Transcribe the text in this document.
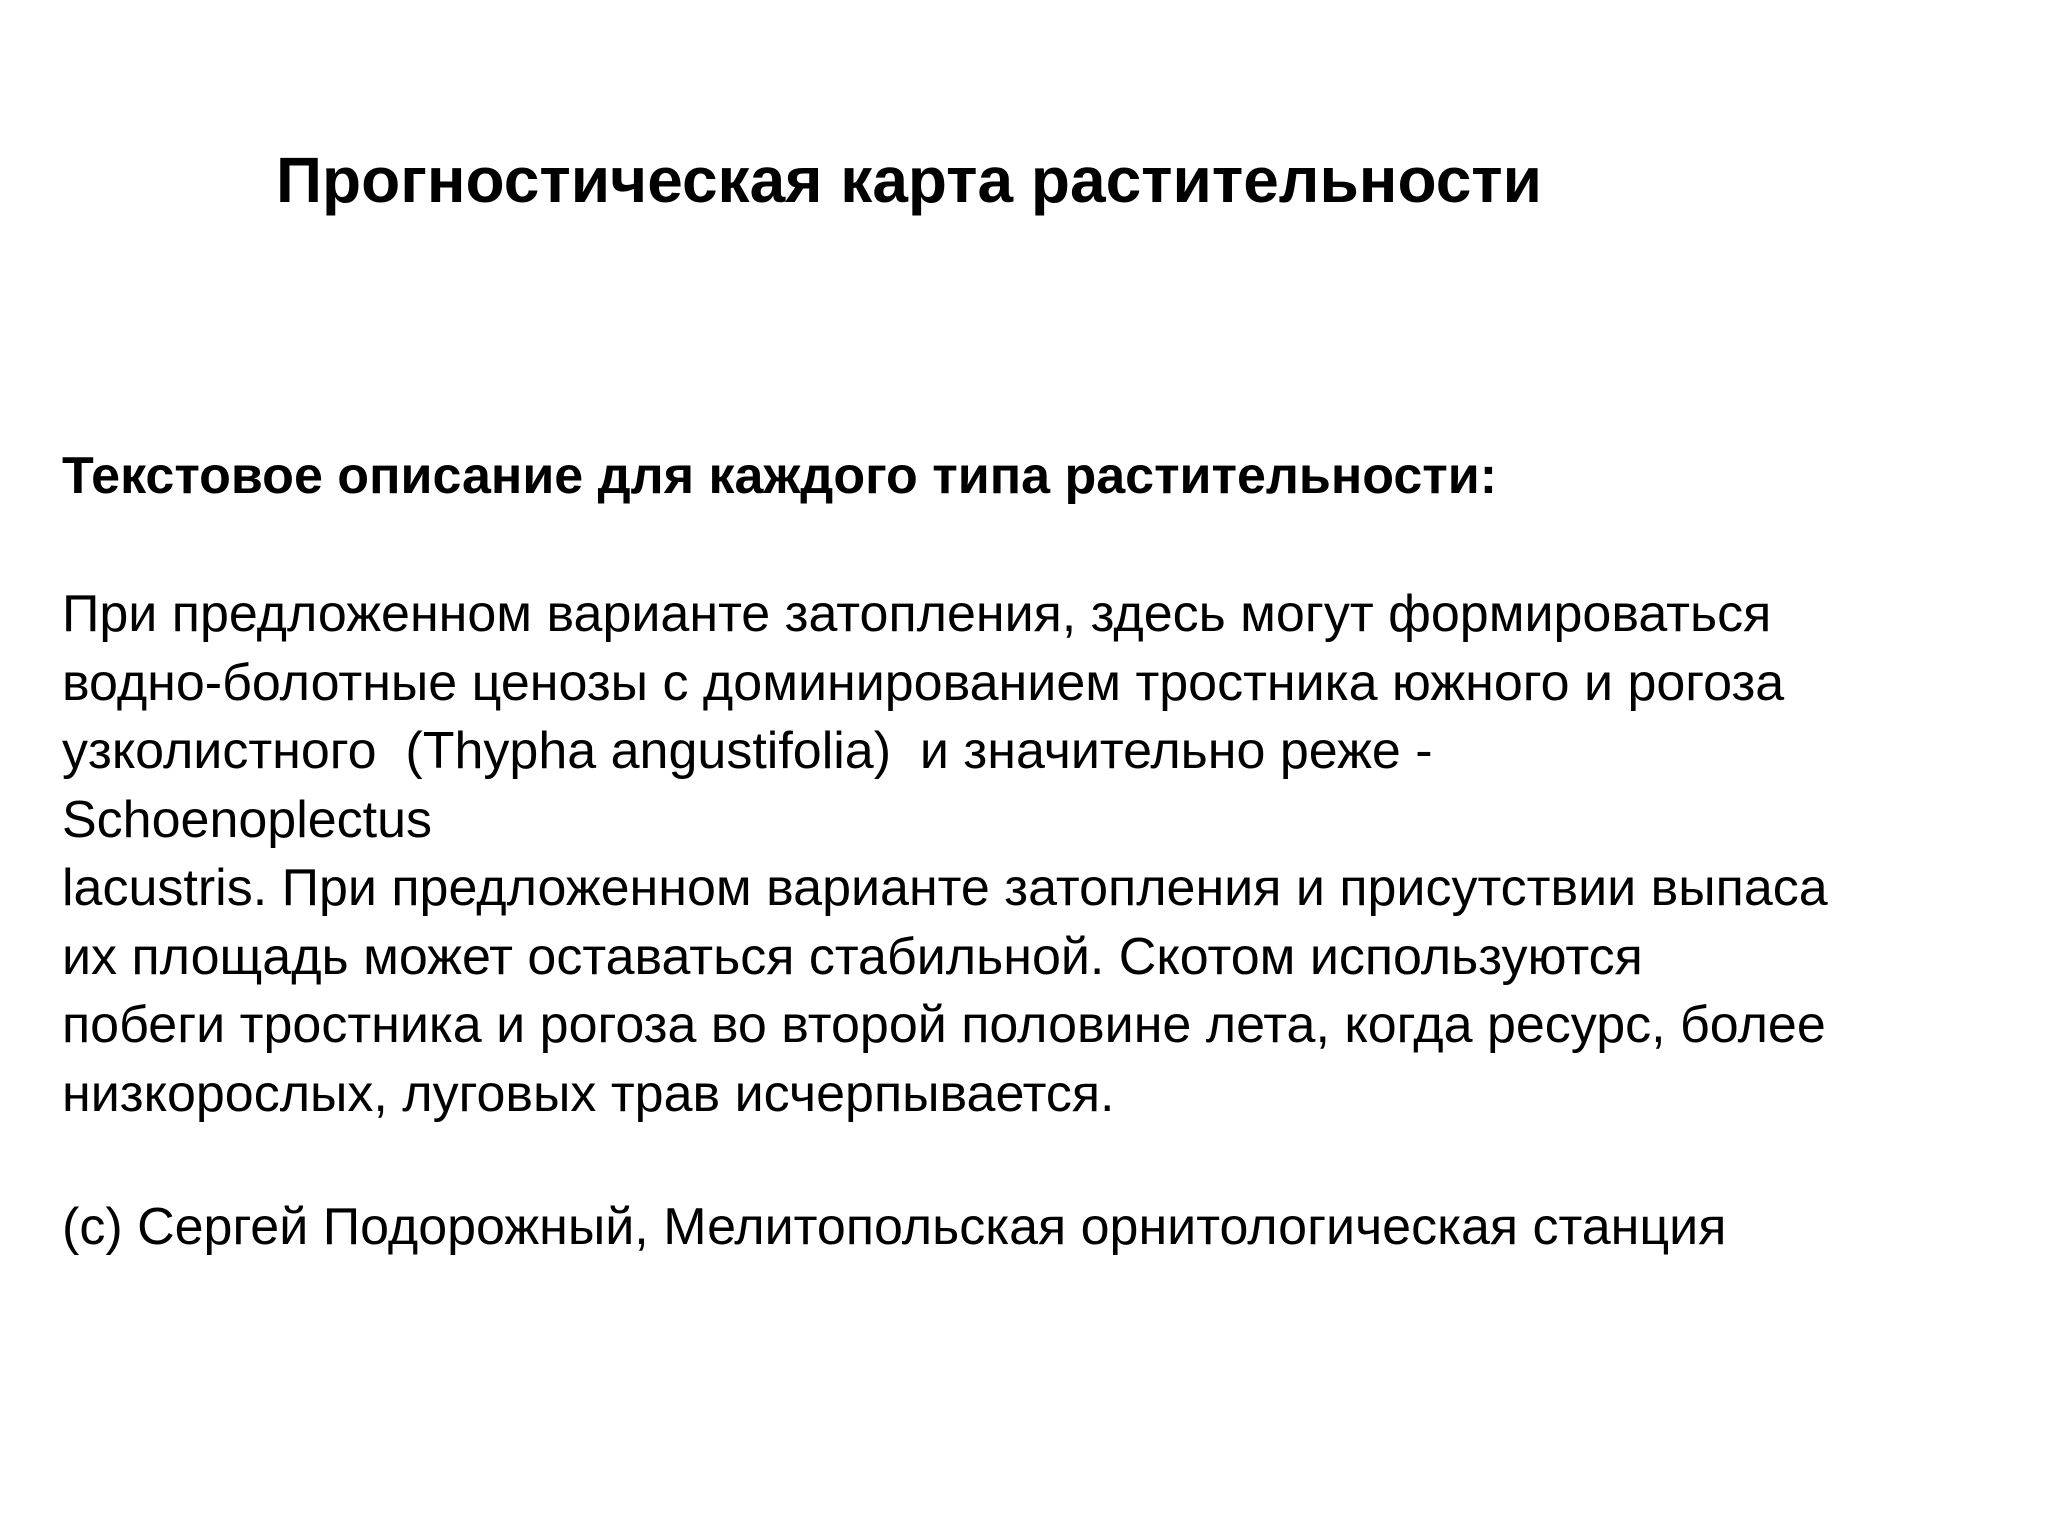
Прогностическая карта растительности
Текстовое описание для каждого типа растительности:

При предложенном варианте затопления, здесь могут формироваться
водно-болотные ценозы с доминированием тростника южного и рогоза
узколистного  (Thypha angustifolia)  и значительно реже -
Schoenoplectus
lacustris. При предложенном варианте затопления и присутствии выпаса
их площадь может оставаться стабильной. Скотом используются
побеги тростника и рогоза во второй половине лета, когда ресурс, более
низкорослых, луговых трав исчерпывается.

(c) Сергей Подорожный, Мелитопольская орнитологическая станция
